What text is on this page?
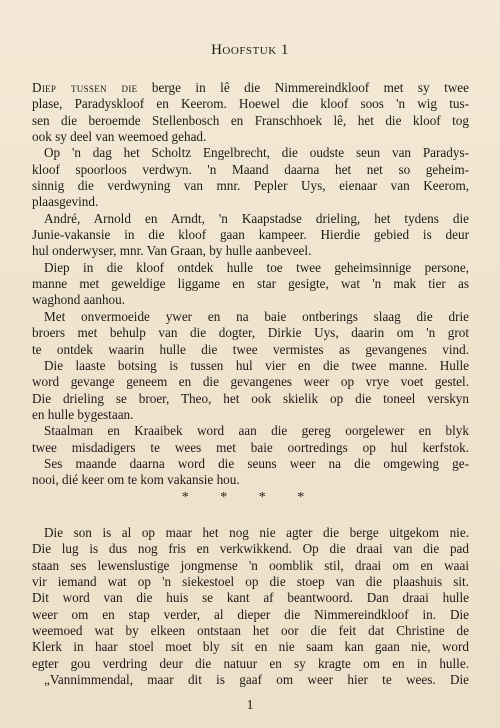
Hoofstuk 1
Diep tussen die berge in lê die Nimmereindkloof met sy twee
plase, Paradyskloof en Keerom. Hoewel die kloof soos 'n wig tus-
sen die beroemde Stellenbosch en Franschhoek lê, het die kloof tog
ook sy deel van weemoed gehad.
Op 'n dag het Scholtz Engelbrecht, die oudste seun van Paradys-
kloof spoorloos verdwyn. 'n Maand daarna het net so geheim-
sinnig die verdwyning van mnr. Pepler Uys, eienaar van Keerom,
plaasgevind.
André, Arnold en Arndt, 'n Kaapstadse drieling, het tydens die
Junie-vakansie in die kloof gaan kampeer. Hierdie gebied is deur
hul onderwyser, mnr. Van Graan, by hulle aanbeveel.
Diep in die kloof ontdek hulle toe twee geheimsinnige persone,
manne met geweldige liggame en star gesigte, wat 'n mak tier as
waghond aanhou.
Met onvermoeide ywer en na baie ontberings slaag die drie
broers met behulp van die dogter, Dirkie Uys, daarin om 'n grot
te ontdek waarin hulle die twee vermistes as gevangenes vind.
Die laaste botsing is tussen hul vier en die twee manne. Hulle
word gevange geneem en die gevangenes weer op vrye voet gestel.
Die drieling se broer, Theo, het ook skielik op die toneel verskyn
en hulle bygestaan.
Staalman en Kraaibek word aan die gereg oorgelewer en blyk
twee misdadigers te wees met baie oortredings op hul kerfstok.
Ses maande daarna word die seuns weer na die omgewing ge-
nooi, dié keer om te kom vakansie hou.
* * * *
Die son is al op maar het nog nie agter die berge uitgekom nie.
Die lug is dus nog fris en verkwikkend. Op die draai van die pad
staan ses lewenslustige jongmense 'n oomblik stil, draai om en waai
vir iemand wat op 'n siekestoel op die stoep van die plaashuis sit.
Dit word van die huis se kant af beantwoord. Dan draai hulle
weer om en stap verder, al dieper die Nimmereindkloof in. Die
weemoed wat by elkeen ontstaan het oor die feit dat Christine de
Klerk in haar stoel moet bly sit en nie saam kan gaan nie, word
egter gou verdring deur die natuur en sy kragte om en in hulle.
„Vannimmendal, maar dit is gaaf om weer hier te wees. Die
1
